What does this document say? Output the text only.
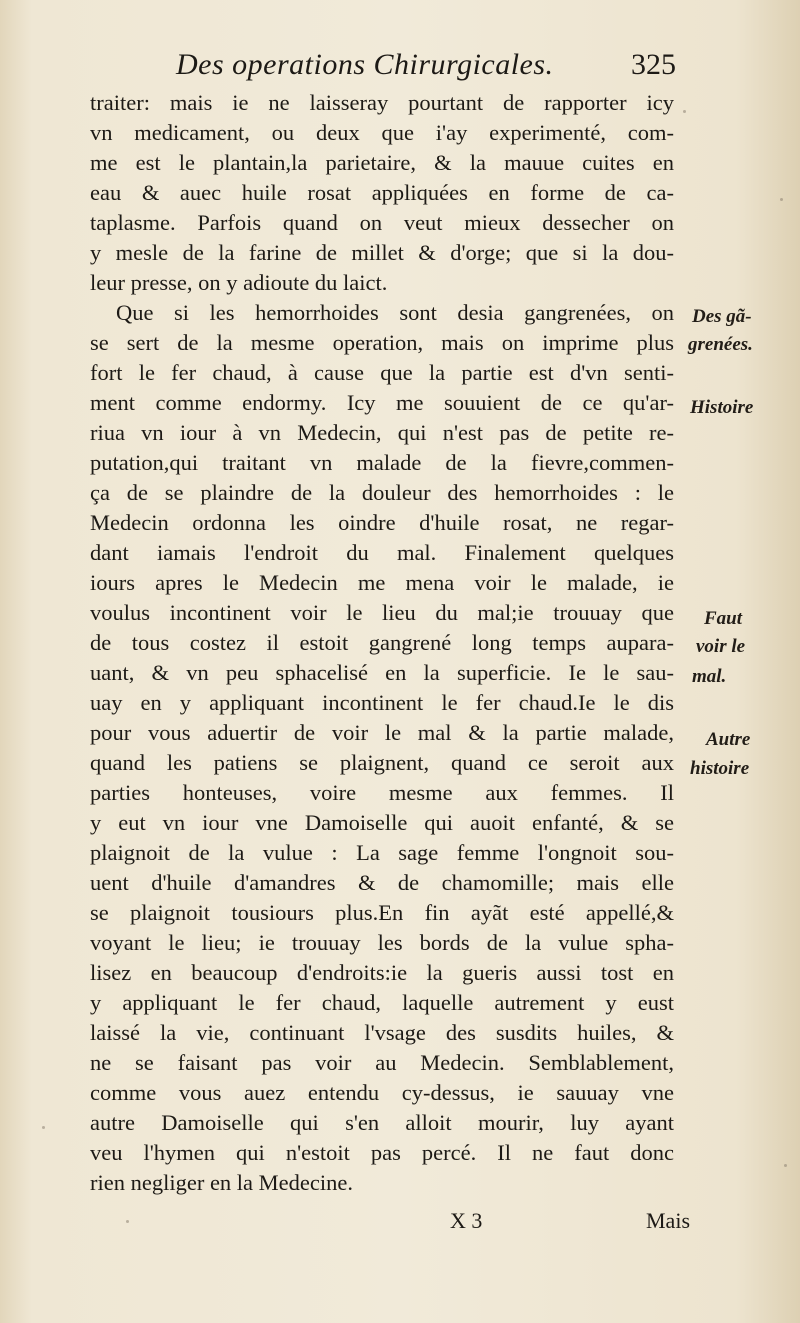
Des operations Chirurgicales.	325
traiter: mais ie ne laisseray pourtant de rapporter icy
vn medicament, ou deux que i'ay experimenté, com-
me est le plantain,la parietaire, & la mauue cuites en
eau & auec huile rosat appliquées en forme de ca-
taplasme. Parfois quand on veut mieux dessecher on
y mesle de la farine de millet & d'orge; que si la dou-
leur presse, on y adioute du laict.
Que si les hemorrhoides sont desia gangrenées, on
se sert de la mesme operation, mais on imprime plus
fort le fer chaud, à cause que la partie est d'vn senti-
ment comme endormy. Icy me souuient de ce qu'ar-
riua vn iour à vn Medecin, qui n'est pas de petite re-
putation,qui traitant vn malade de la fievre,commen-
ça de se plaindre de la douleur des hemorrhoides : le
Medecin ordonna les oindre d'huile rosat, ne regar-
dant iamais l'endroit du mal. Finalement quelques
iours apres le Medecin me mena voir le malade, ie
voulus incontinent voir le lieu du mal;ie trouuay que
de tous costez il estoit gangrené long temps aupara-
uant, & vn peu sphacelisé en la superficie. Ie le sau-
uay en y appliquant incontinent le fer chaud.Ie le dis
pour vous aduertir de voir le mal & la partie malade,
quand les patiens se plaignent, quand ce seroit aux
parties honteuses, voire mesme aux femmes. Il
y eut vn iour vne Damoiselle qui auoit enfanté, & se
plaignoit de la vulue : La sage femme l'ongnoit sou-
uent d'huile d'amandres & de chamomille; mais elle
se plaignoit tousiours plus.En fin ayãt esté appellé,&
voyant le lieu; ie trouuay les bords de la vulue spha-
lisez en beaucoup d'endroits:ie la gueris aussi tost en
y appliquant le fer chaud, laquelle autrement y eust
laissé la vie, continuant l'vsage des susdits huiles, &
ne se faisant pas voir au Medecin. Semblablement,
comme vous auez entendu cy-dessus, ie sauuay vne
autre Damoiselle qui s'en alloit mourir, luy ayant
veu l'hymen qui n'estoit pas percé. Il ne faut donc
rien negliger en la Medecine.
Des gã-
grenées.
Histoire
Faut
voir le
mal.
Autre
histoire
X 3	Mais
